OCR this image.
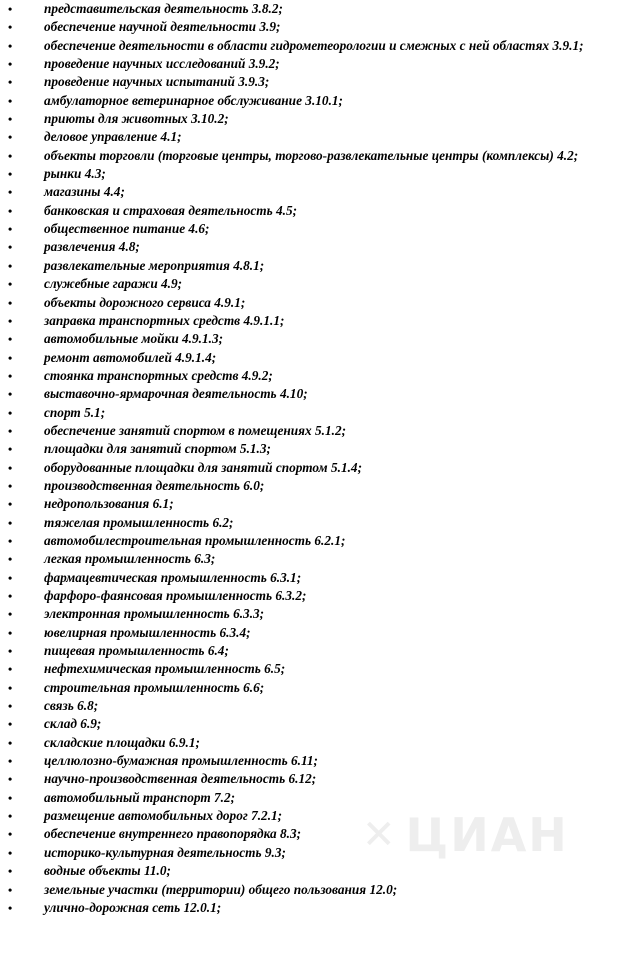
✕ ЦИАН
• представительская деятельность 3.8.2;
• обеспечение научной деятельности 3.9;
• обеспечение деятельности в области гидрометеорологии и смежных с ней областях 3.9.1;
• проведение научных исследований 3.9.2;
• проведение научных испытаний 3.9.3;
• амбулаторное ветеринарное обслуживание 3.10.1;
• приюты для животных 3.10.2;
• деловое управление 4.1;
• объекты торговли (торговые центры, торгово-развлекательные центры (комплексы) 4.2;
• рынки 4.3;
• магазины 4.4;
• банковская и страховая деятельность 4.5;
• общественное питание 4.6;
• развлечения 4.8;
• развлекательные мероприятия 4.8.1;
• служебные гаражи 4.9;
• объекты дорожного сервиса 4.9.1;
• заправка транспортных средств 4.9.1.1;
• автомобильные мойки 4.9.1.3;
• ремонт автомобилей 4.9.1.4;
• стоянка транспортных средств 4.9.2;
• выставочно-ярмарочная деятельность 4.10;
• спорт 5.1;
• обеспечение занятий спортом в помещениях 5.1.2;
• площадки для занятий спортом 5.1.3;
• оборудованные площадки для занятий спортом 5.1.4;
• производственная деятельность 6.0;
• недропользования 6.1;
• тяжелая промышленность 6.2;
• автомобилестроительная промышленность 6.2.1;
• легкая промышленность 6.3;
• фармацевтическая промышленность 6.3.1;
• фарфоро-фаянсовая промышленность 6.3.2;
• электронная промышленность 6.3.3;
• ювелирная промышленность 6.3.4;
• пищевая промышленность 6.4;
• нефтехимическая промышленность 6.5;
• строительная промышленность 6.6;
• связь 6.8;
• склад 6.9;
• складские площадки 6.9.1;
• целлюлозно-бумажная промышленность 6.11;
• научно-производственная деятельность 6.12;
• автомобильный транспорт 7.2;
• размещение автомобильных дорог 7.2.1;
• обеспечение внутреннего правопорядка 8.3;
• историко-культурная деятельность 9.3;
• водные объекты 11.0;
• земельные участки (территории) общего пользования 12.0;
• улично-дорожная сеть 12.0.1;
